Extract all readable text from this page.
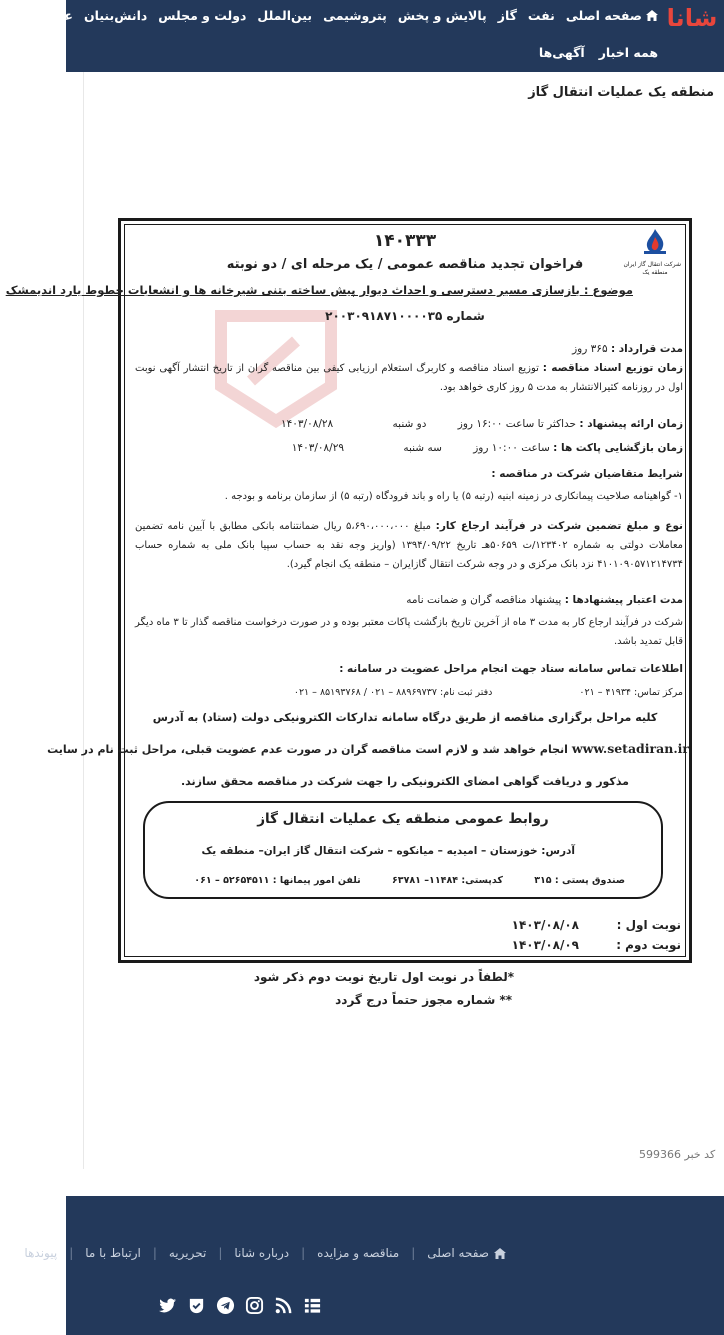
شانا
صفحه اصلی
نفت
گاز
پالایش و پخش
پتروشیمی
بین‌الملل
دولت و مجلس
دانش‌بنیان
عکس
فیلم
همه اخبار
آگهی‌ها
منطقه یک عملیات انتقال گاز
شرکت انتقال گاز ایران
منطقه یک
۱۴۰۳۳۳
فراخوان تجدید مناقصه عمومی / یک مرحله ای / دو نوبته
موضوع : بازسازی مسیر دسترسی و احداث دیوار پیش ساخته بتنی شیرخانه ها و انشعابات خطوط یارد اندیمشک
شماره ۲۰۰۳۰۹۱۸۷۱۰۰۰۰۳۵
مدت قرارداد : ۳۶۵ روز
زمان توزیع اسناد مناقصه : توزیع اسناد مناقصه و کاربرگ استعلام ارزیابی کیفی بین مناقصه گران از تاریخ انتشار آگهی نوبت اول در روزنامه کثیرالانتشار به مدت ۵ روز کاری خواهد بود.
زمان ارائه پیشنهاد : حداکثر تا ساعت ۱۶:۰۰ روز دو شنبه ۱۴۰۳/۰۸/۲۸
زمان بازگشایی پاکت ها : ساعت ۱۰:۰۰ روز سه شنبه ۱۴۰۳/۰۸/۲۹
شرایط متقاضیان شرکت در مناقصه :
۱- گواهینامه صلاحیت پیمانکاری در زمینه ابنیه (رتبه ۵) یا راه و باند فرودگاه (رتبه ۵) از سازمان برنامه و بودجه .
نوع و مبلغ تضمین شرکت در فرآیند ارجاع کار: مبلغ ۵،۶۹۰،۰۰۰،۰۰۰ ریال ضمانتنامه بانکی مطابق با آیین نامه تضمین معاملات دولتی به شماره ۱۲۳۴۰۲/ت ۵۰۶۵۹هـ تاریخ ۱۳۹۴/۰۹/۲۲ (واریز وجه نقد به حساب سپیا بانک ملی به شماره حساب ۴۱۰۱۰۹۰۵۷۱۲۱۴۷۳۴ نزد بانک مرکزی و در وجه شرکت انتقال گازایران – منطقه یک انجام گیرد).
مدت اعتبار پیشنهادها : پیشنهاد مناقصه گران و ضمانت نامه
شرکت در فرآیند ارجاع کار به مدت ۳ ماه از آخرین تاریخ بازگشت پاکات معتبر بوده و در صورت درخواست مناقصه گذار تا ۳ ماه دیگر قابل تمدید باشد.
اطلاعات تماس سامانه ستاد جهت انجام مراحل عضویت در سامانه :
مرکز تماس: ۴۱۹۳۴ – ۰۲۱ دفتر ثبت نام: ۸۸۹۶۹۷۳۷ – ۰۲۱ / ۸۵۱۹۳۷۶۸ – ۰۲۱
کلیه مراحل برگزاری مناقصه از طریق درگاه سامانه تدارکات الکترونیکی دولت (ستاد) به آدرس
www.setadiran.ir انجام خواهد شد و لازم است مناقصه گران در صورت عدم عضویت قبلی، مراحل ثبت نام در سایت
مذکور و دریافت گواهی امضای الکترونیکی را جهت شرکت در مناقصه محقق سازند.
روابط عمومی منطقه یک عملیات انتقال گاز
آدرس: خوزستان – امیدیه – میانکوه – شرکت انتقال گاز ایران– منطقه یک
صندوق پستی : ۳۱۵ کدپستی: ۱۱۴۸۴– ۶۳۷۸۱ تلفن امور پیمانها : ۵۲۶۵۴۵۱۱ – ۰۶۱
نوبت اول :
۱۴۰۳/۰۸/۰۸
نوبت دوم :
۱۴۰۳/۰۸/۰۹
*لطفاً در نوبت اول تاریخ نوبت دوم ذکر شود
** شماره مجوز حتماً درج گردد
کد خبر 599366
صفحه اصلی
|
مناقصه و مزایده
|
درباره شانا
|
تحریریه
|
ارتباط با ما
|
پیوندها
